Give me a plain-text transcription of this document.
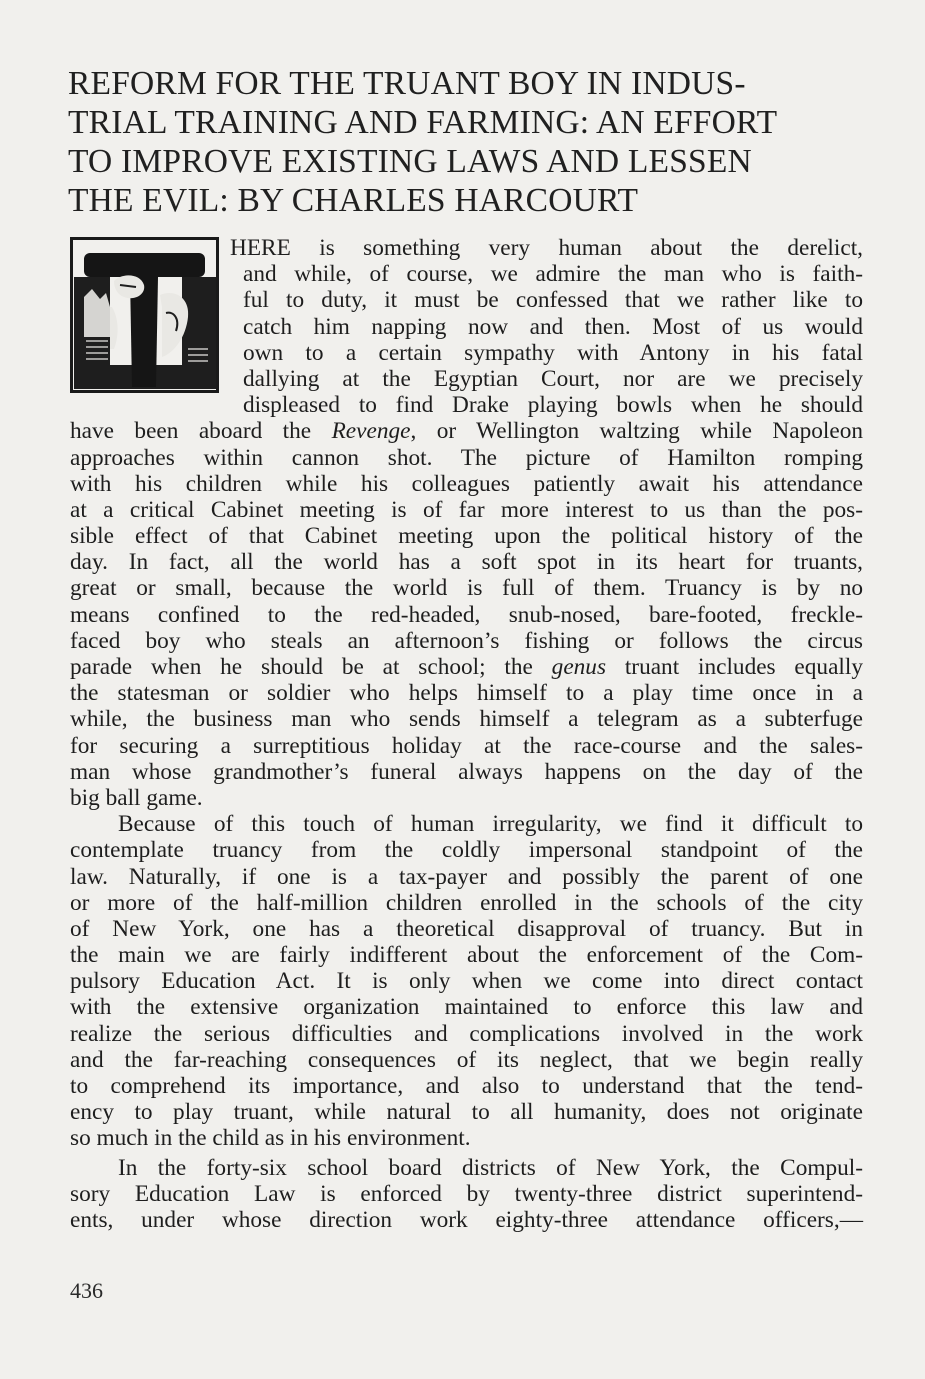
REFORM FOR THE TRUANT BOY IN INDUS-
TRIAL TRAINING AND FARMING: AN EFFORT
TO IMPROVE EXISTING LAWS AND LESSEN
THE EVIL: BY CHARLES HARCOURT
HERE is something very human about the derelict,
and while, of course, we admire the man who is faith-
ful to duty, it must be confessed that we rather like to
catch him napping now and then. Most of us would
own to a certain sympathy with Antony in his fatal
dallying at the Egyptian Court, nor are we precisely
displeased to find Drake playing bowls when he should
have been aboard the Revenge, or Wellington waltzing while Napoleon
approaches within cannon shot. The picture of Hamilton romping
with his children while his colleagues patiently await his attendance
at a critical Cabinet meeting is of far more interest to us than the pos-
sible effect of that Cabinet meeting upon the political history of the
day. In fact, all the world has a soft spot in its heart for truants,
great or small, because the world is full of them. Truancy is by no
means confined to the red-headed, snub-nosed, bare-footed, freckle-
faced boy who steals an afternoon’s fishing or follows the circus
parade when he should be at school; the genus truant includes equally
the statesman or soldier who helps himself to a play time once in a
while, the business man who sends himself a telegram as a subterfuge
for securing a surreptitious holiday at the race-course and the sales-
man whose grandmother’s funeral always happens on the day of the
big ball game.
Because of this touch of human irregularity, we find it difficult to
contemplate truancy from the coldly impersonal standpoint of the
law. Naturally, if one is a tax-payer and possibly the parent of one
or more of the half-million children enrolled in the schools of the city
of New York, one has a theoretical disapproval of truancy. But in
the main we are fairly indifferent about the enforcement of the Com-
pulsory Education Act. It is only when we come into direct contact
with the extensive organization maintained to enforce this law and
realize the serious difficulties and complications involved in the work
and the far-reaching consequences of its neglect, that we begin really
to comprehend its importance, and also to understand that the tend-
ency to play truant, while natural to all humanity, does not originate
so much in the child as in his environment.
In the forty-six school board districts of New York, the Compul-
sory Education Law is enforced by twenty-three district superintend-
ents, under whose direction work eighty-three attendance officers,—
436
